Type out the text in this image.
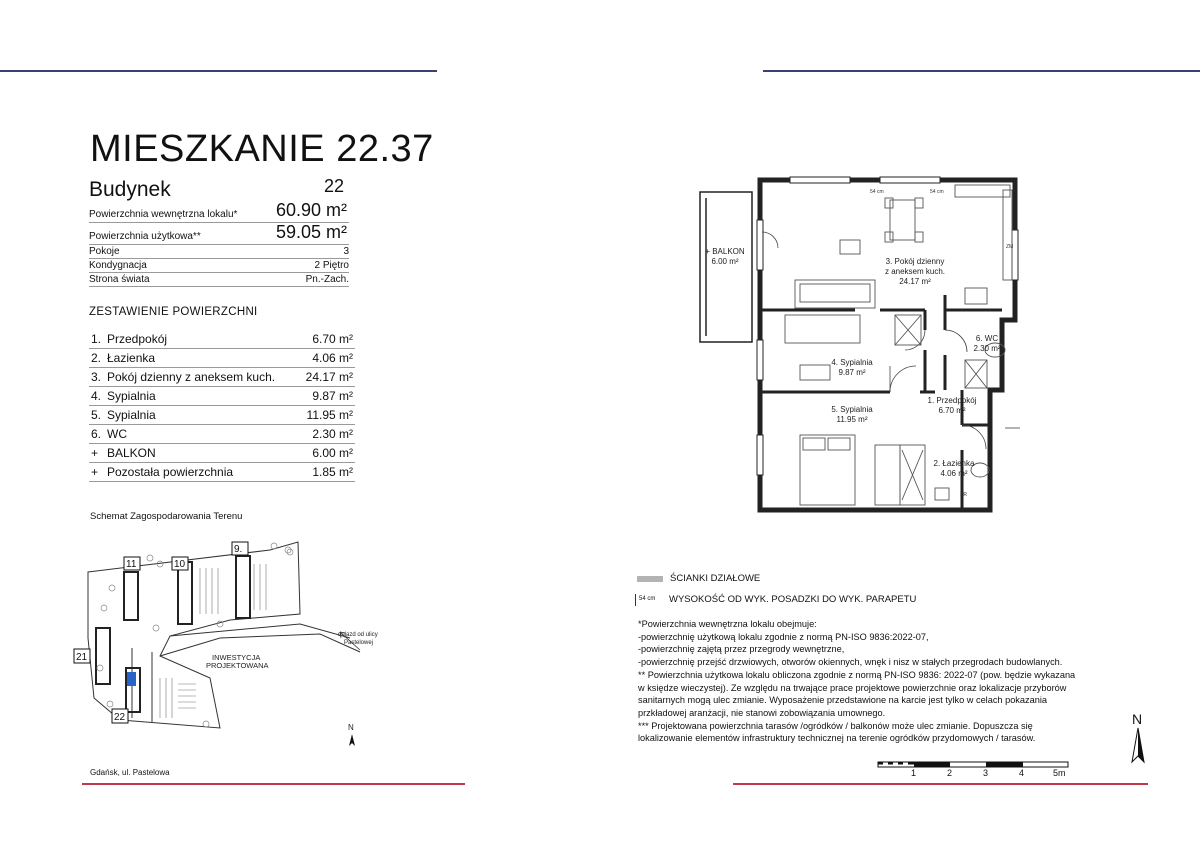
MIESZKANIE 22.37
Budynek	22
Powierzchnia wewnętrzna lokalu* 60.90 m²
Powierzchnia użytkowa**	59.05 m²
Pokoje	3
Kondygnacja	2 Piętro
Strona świata	Pn.-Zach.
ZESTAWIENIE POWIERZCHNI
1. Przedpokój	6.70 m²
2. Łazienka	4.06 m²
3. Pokój dzienny z aneksem kuch.	24.17 m²
4. Sypialnia	9.87 m²
5. Sypialnia	11.95 m²
6. WC	2.30 m²
+ BALKON	6.00 m²
+ Pozostała powierzchnia	1.85 m²
Schemat Zagospodarowania Terenu
11	10
9.
21
22
INWESTYCJA
PROJEKTOWANA
dojazd od ulicy
Pastelowej
N
Gdańsk, ul. Pastelowa
+ BALKON
6.00 m²	3. Pokój dzienny
z aneksem kuch.
24.17 m²
4. Sypialnia
9.87 m²
5. Sypialnia
11.95 m²
6. WC
2.30 m²
1. Przedpokój
6.70 m²
2. Łazienka
4.06 m²
54 cm	54 cm
ZM
PR
ŚCIANKI DZIAŁOWE
54 cm WYSOKOŚĆ OD WYK. POSADZKI DO WYK. PARAPETU
*Powierzchnia wewnętrzna lokalu obejmuje:
-powierzchnię użytkową lokalu zgodnie z normą PN-ISO 9836:2022-07,
-powierzchnię zajętą przez przegrody wewnętrzne,
-powierzchnię przejść drzwiowych, otworów okiennych, wnęk i nisz w stałych przegrodach budowlanych.
** Powierzchnia użytkowa lokalu obliczona zgodnie z normą PN-ISO 9836: 2022-07 (pow. będzie wykazana
w księdze wieczystej). Ze względu na trwające prace projektowe powierzchnie oraz lokalizacje przyborów
sanitarnych mogą ulec zmianie. Wyposażenie przedstawione na karcie jest tylko w celach pokazania
przkładowej aranżacji, nie stanowi zobowiązania umownego.
*** Projektowana powierzchnia tarasów /ogródków / balkonów może ulec zmianie. Dopuszcza się
lokalizowanie elementów infrastruktury technicznej na terenie ogródków przydomowych / tarasów.
N
1	2	3	4	5m
